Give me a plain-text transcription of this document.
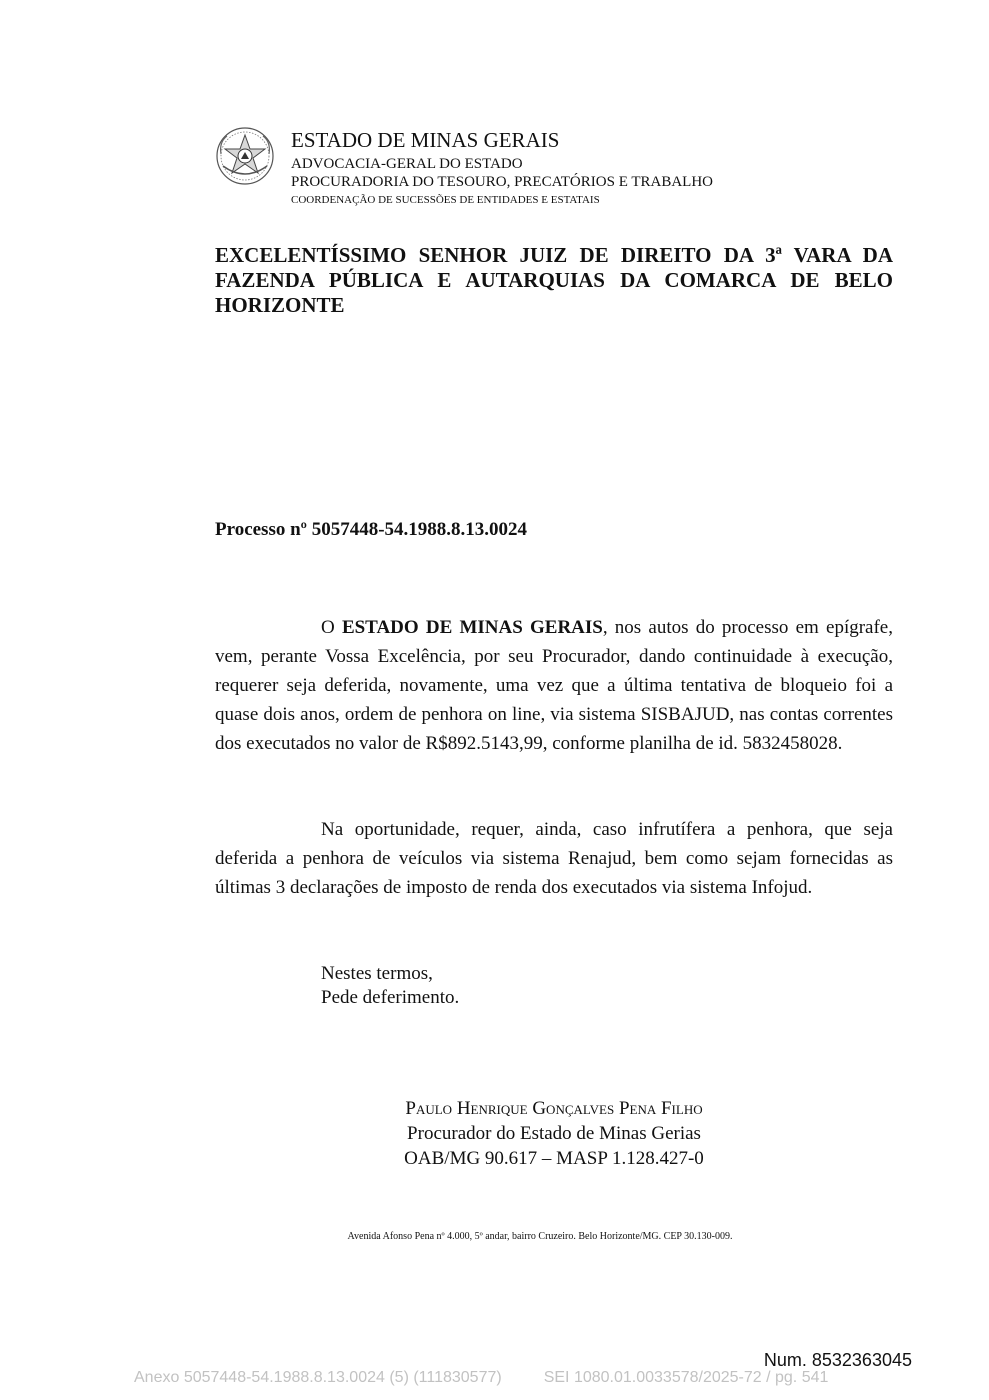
ESTADO DE MINAS GERAIS
ADVOCACIA-GERAL DO ESTADO
PROCURADORIA DO TESOURO, PRECATÓRIOS E TRABALHO
COORDENAÇÃO DE SUCESSÕES DE ENTIDADES E ESTATAIS
EXCELENTÍSSIMO SENHOR JUIZ DE DIREITO DA 3ª VARA DA FAZENDA PÚBLICA E AUTARQUIAS DA COMARCA DE BELO HORIZONTE
Processo nº 5057448-54.1988.8.13.0024
O ESTADO DE MINAS GERAIS, nos autos do processo em epígrafe, vem, perante Vossa Excelência, por seu Procurador, dando continuidade à execução, requerer seja deferida, novamente, uma vez que a última tentativa de bloqueio foi a quase dois anos, ordem de penhora on line, via sistema SISBAJUD, nas contas correntes dos executados no valor de R$892.5143,99, conforme planilha de id. 5832458028.
Na oportunidade, requer, ainda, caso infrutífera a penhora, que seja deferida a penhora de veículos via sistema Renajud, bem como sejam fornecidas as últimas 3 declarações de imposto de renda dos executados via sistema Infojud.
Nestes termos,
Pede deferimento.
Paulo Henrique Gonçalves Pena Filho
Procurador do Estado de Minas Gerias
OAB/MG 90.617 – MASP 1.128.427-0
Avenida Afonso Pena nº 4.000, 5º andar, bairro Cruzeiro. Belo Horizonte/MG. CEP 30.130-009.
Num. 8532363045
Anexo 5057448-54.1988.8.13.0024 (5) (111830577)	SEI 1080.01.0033578/2025-72 / pg. 541
